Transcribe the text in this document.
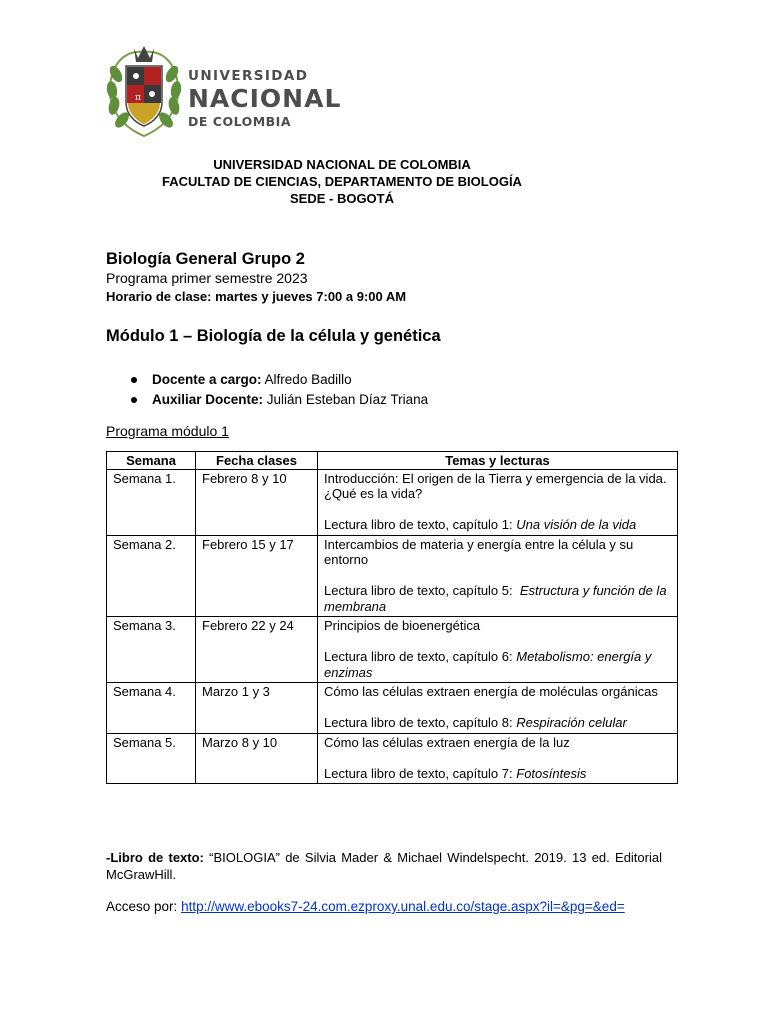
π
UNIVERSIDAD
NACIONAL
DE COLOMBIA
UNIVERSIDAD NACIONAL DE COLOMBIA
FACULTAD DE CIENCIAS, DEPARTAMENTO DE BIOLOGÍA
SEDE - BOGOTÁ
Biología General Grupo 2
Programa primer semestre 2023
Horario de clase: martes y jueves 7:00 a 9:00 AM
Módulo 1 – Biología de la célula y genética
Docente a cargo: Alfredo Badillo
Auxiliar Docente: Julián Esteban Díaz Triana
Programa módulo 1
Semana	Fecha clases	Temas y lecturas
Semana 1.	Febrero 8 y 10	Introducción: El origen de la Tierra y emergencia de la vida.
¿Qué es la vida?
Lectura libro de texto, capítulo 1: Una visión de la vida

Semana 2.	Febrero 15 y 17	Intercambios de materia y energía entre la célula y su entorno
Lectura libro de texto, capítulo 5: Estructura y función de la membrana

Semana 3.	Febrero 22 y 24	Principios de bioenergética
Lectura libro de texto, capítulo 6: Metabolismo: energía y enzimas

Semana 4.	Marzo 1 y 3	Cómo las células extraen energía de moléculas orgánicas
Lectura libro de texto, capítulo 8: Respiración celular

Semana 5.	Marzo 8 y 10	Cómo las células extraen energía de la luz
Lectura libro de texto, capítulo 7: Fotosíntesis
-Libro de texto: “BIOLOGIA” de Silvia Mader & Michael Windelspecht. 2019. 13 ed. Editorial McGrawHill.
Acceso por: http://www.ebooks7-24.com.ezproxy.unal.edu.co/stage.aspx?il=&pg=&ed=
